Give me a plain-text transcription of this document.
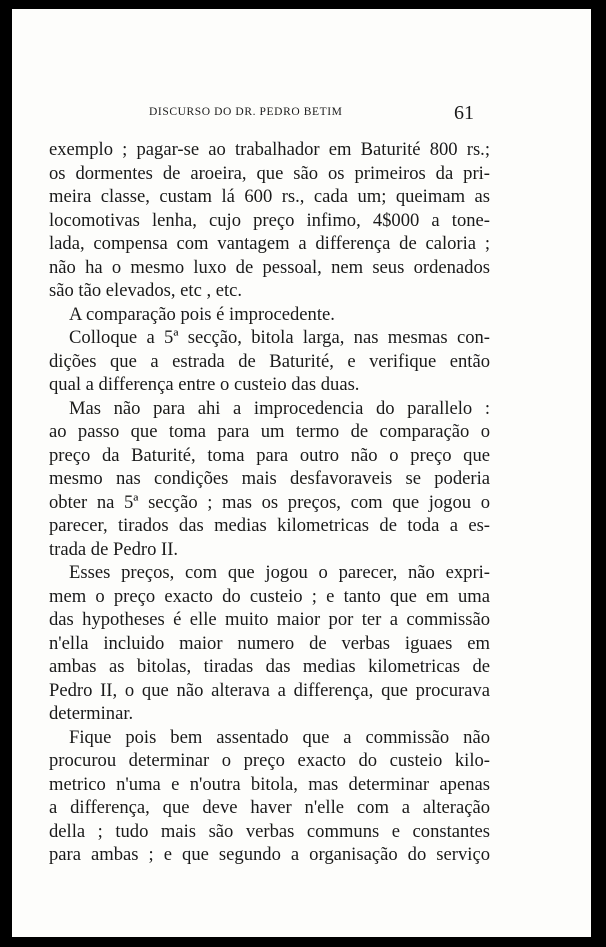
DISCURSO DO DR. PEDRO BETIM	61
exemplo ; pagar-se ao trabalhador em Baturité 800 rs.;
os dormentes de aroeira, que são os primeiros da pri-
meira classe, custam lá 600 rs., cada um; queimam as
locomotivas lenha, cujo preço infimo, 4$000 a tone-
lada, compensa com vantagem a differença de caloria ;
não ha o mesmo luxo de pessoal, nem seus ordenados
são tão elevados, etc , etc.
A comparação pois é improcedente.
Colloque a 5ª secção, bitola larga, nas mesmas con-
dições que a estrada de Baturité, e verifique então
qual a differença entre o custeio das duas.
Mas não para ahi a improcedencia do parallelo :
ao passo que toma para um termo de comparação o
preço da Baturité, toma para outro não o preço que
mesmo nas condições mais desfavoraveis se poderia
obter na 5ª secção ; mas os preços, com que jogou o
parecer, tirados das medias kilometricas de toda a es-
trada de Pedro II.
Esses preços, com que jogou o parecer, não expri-
mem o preço exacto do custeio ; e tanto que em uma
das hypotheses é elle muito maior por ter a commissão
n'ella incluido maior numero de verbas iguaes em
ambas as bitolas, tiradas das medias kilometricas de
Pedro II, o que não alterava a differença, que procurava
determinar.
Fique pois bem assentado que a commissão não
procurou determinar o preço exacto do custeio kilo-
metrico n'uma e n'outra bitola, mas determinar apenas
a differença, que deve haver n'elle com a alteração
della ; tudo mais são verbas communs e constantes
para ambas ; e que segundo a organisação do serviço
